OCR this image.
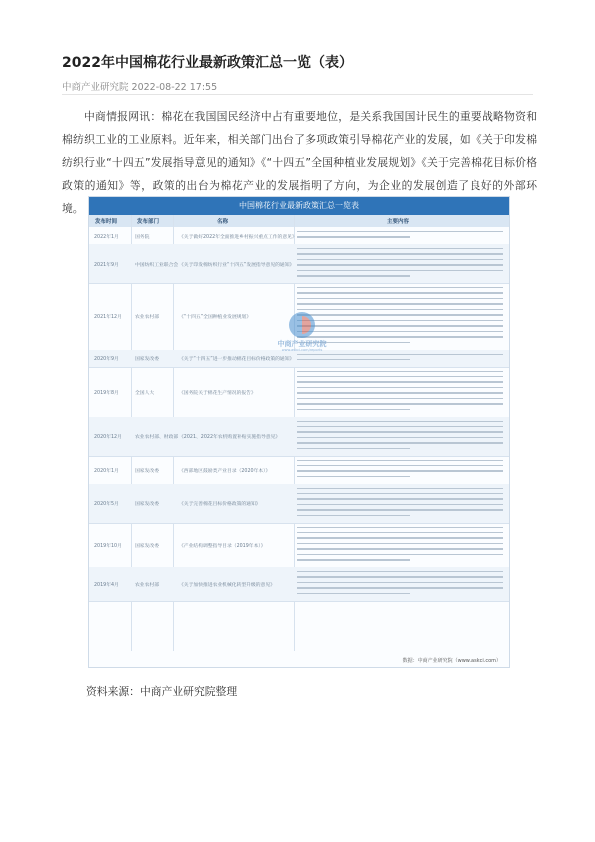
2022年中国棉花行业最新政策汇总一览（表）
中商产业研究院 2022-08-22 17:55
中商情报网讯：棉花在我国国民经济中占有重要地位，是关系我国国计民生的重要战略物资和棉纺织工业的工业原料。近年来，相关部门出台了多项政策引导棉花产业的发展，如《关于印发棉纺织行业“十四五”发展指导意见的通知》《“十四五”全国种植业发展规划》《关于完善棉花目标价格政策的通知》等，政策的出台为棉花产业的发展指明了方向，为企业的发展创造了良好的外部环境。	中国棉花行业最新政策汇总一览表
发布时间	发布部门	名称	主要内容
2022年1月	国务院	《关于做好2022年全面推进乡村振兴重点工作的意见》
2021年9月	中国纺织工业联合会 《关于印发棉纺织行业“十四五”发展指导意见的通知》
2021年12月	农业农村部	《“十四五”全国种植业发展规划》
2020年9月	国家发改委	《关于“十四五”进一步推动棉花目标价格政策的通知》
2019年8月	全国人大	《国务院关于棉花生产情况的报告》
2020年12月	农业农村部、财政部 《2021、2022年农机购置补贴实施指导意见》
2020年1月	国家发改委	《西部地区鼓励类产业目录（2020年本）》
2020年5月	国家发改委	《关于完善棉花目标价格政策的通知》
2019年10月	国家发改委	《产业结构调整指导目录（2019年本）》
2019年4月	农业农村部	《关于加快推进农业机械化转型升级的意见》
中商产业研究院
www.askci.com/reports
数据：中商产业研究院（www.askci.com）
资料来源：中商产业研究院整理
